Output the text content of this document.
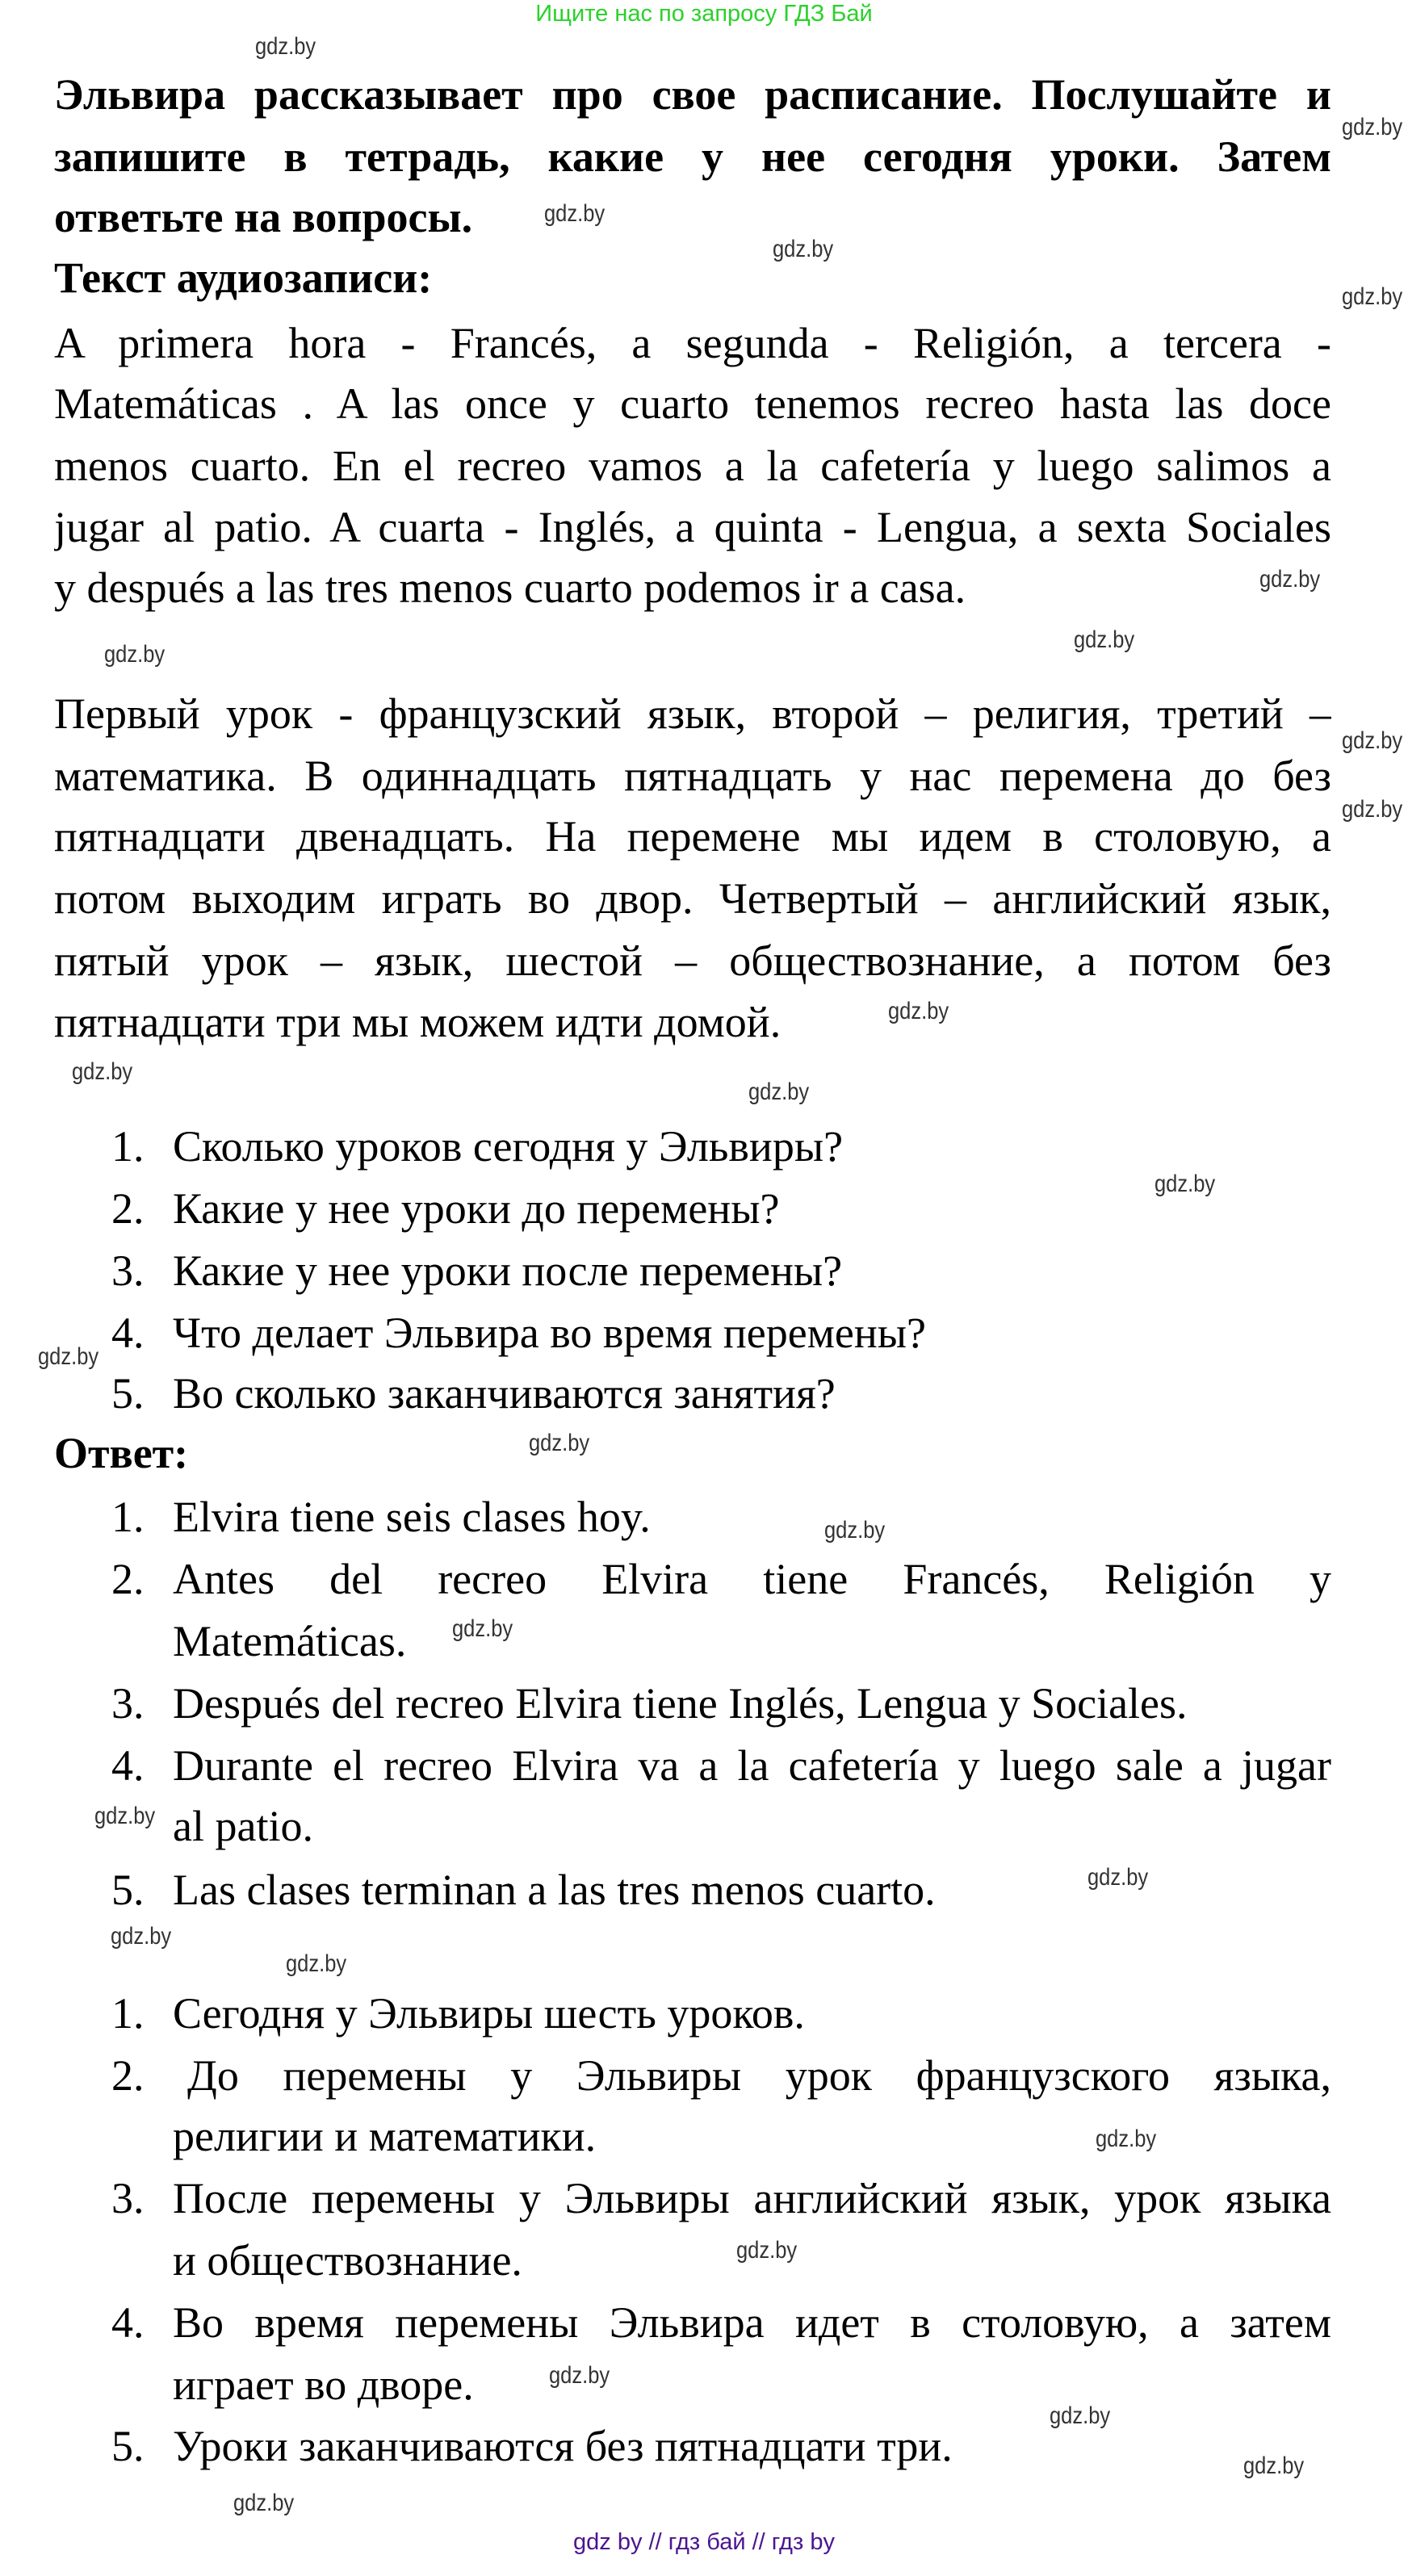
Ищите нас по запросу ГДЗ Бай
Эльвира рассказывает про свое расписание. Послушайте и
запишите в тетрадь, какие у нее сегодня уроки. Затем
ответьте на вопросы.
Текст аудиозаписи:
A primera hora - Francés, a segunda - Religión, a tercera -
Matemáticas . A las once y cuarto tenemos recreo hasta las doce
menos cuarto. En el recreo vamos a la cafetería y luego salimos a
jugar al patio. A cuarta - Inglés, a quinta - Lengua, a sexta Sociales
y después a las tres menos cuarto podemos ir a casa.
Первый урок - французский язык, второй – религия, третий –
математика. В одиннадцать пятнадцать у нас перемена до без
пятнадцати двенадцать. На перемене мы идем в столовую, а
потом выходим играть во двор. Четвертый – английский язык,
пятый урок – язык, шестой – обществознание, а потом без
пятнадцати три мы можем идти домой.
1. Сколько уроков сегодня у Эльвиры?
2. Какие у нее уроки до перемены?
3. Какие у нее уроки после перемены?
4. Что делает Эльвира во время перемены?
5. Во сколько заканчиваются занятия?
Ответ:
1. Elvira tiene seis clases hoy.
2. Antes del recreo Elvira tiene Francés, Religión y
Matemáticas.
3. Después del recreo Elvira tiene Inglés, Lengua y Sociales.
4. Durante el recreo Elvira va a la cafetería y luego sale a jugar
al patio.
5. Las clases terminan a las tres menos cuarto.
1. Сегодня у Эльвиры шесть уроков.
2. До перемены у Эльвиры урок французского языка,
религии и математики.
3. После перемены у Эльвиры английский язык, урок языка
и обществознание.
4. Во время перемены Эльвира идет в столовую, а затем
играет во дворе.
5. Уроки заканчиваются без пятнадцати три.
gdz.by
gdz.by
gdz.by
gdz.by
gdz.by
gdz.by
gdz.by
gdz.by
gdz.by
gdz.by
gdz.by
gdz.by
gdz.by
gdz.by
gdz.by
gdz.by
gdz.by
gdz.by
gdz.by
gdz.by
gdz.by
gdz.by
gdz.by
gdz.by
gdz.by
gdz.by
gdz.by
gdz.by
gdz by // гдз бай // гдз by
